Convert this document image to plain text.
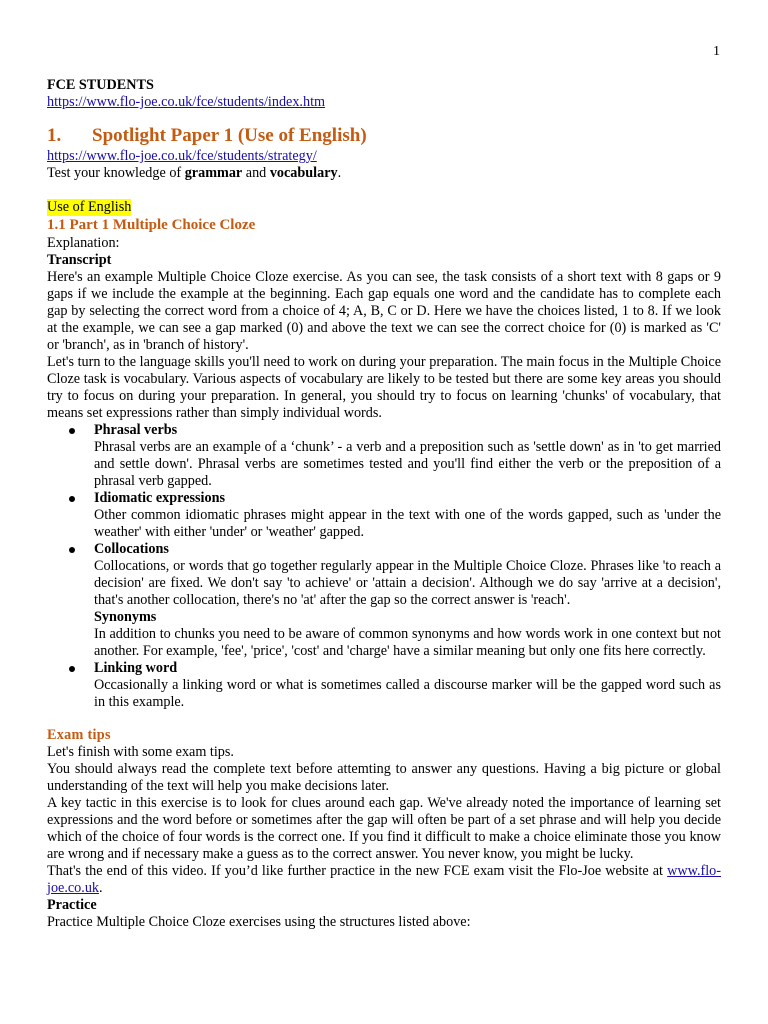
1
FCE STUDENTS
https://www.flo-joe.co.uk/fce/students/index.htm
1.	Spotlight Paper 1 (Use of English)
https://www.flo-joe.co.uk/fce/students/strategy/
Test your knowledge of grammar and vocabulary.
Use of English
1.1 Part 1 Multiple Choice Cloze
Explanation:
Transcript
Here's an example Multiple Choice Cloze exercise. As you can see, the task consists of a short text with 8 gaps or 9 gaps if we include the example at the beginning. Each gap equals one word and the candidate has to complete each gap by selecting the correct word from a choice of 4; A, B, C or D. Here we have the choices listed, 1 to 8. If we look at the example, we can see a gap marked (0) and above the text we can see the correct choice for (0) is marked as 'C' or 'branch', as in 'branch of history'.
Let's turn to the language skills you'll need to work on during your preparation. The main focus in the Multiple Choice Cloze task is vocabulary. Various aspects of vocabulary are likely to be tested but there are some key areas you should try to focus on during your preparation. In general, you should try to focus on learning 'chunks' of vocabulary, that means set expressions rather than simply individual words.
Phrasal verbs
Phrasal verbs are an example of a ‘chunk’ - a verb and a preposition such as 'settle down' as in 'to get married and settle down'. Phrasal verbs are sometimes tested and you'll find either the verb or the preposition of a phrasal verb gapped.
Idiomatic expressions
Other common idiomatic phrases might appear in the text with one of the words gapped, such as 'under the weather' with either 'under' or 'weather' gapped.
Collocations
Collocations, or words that go together regularly appear in the Multiple Choice Cloze. Phrases like 'to reach a decision' are fixed. We don't say 'to achieve' or 'attain a decision'. Although we do say 'arrive at a decision', that's another collocation, there's no 'at' after the gap so the correct answer is 'reach'.
Synonyms
In addition to chunks you need to be aware of common synonyms and how words work in one context but not another. For example, 'fee', 'price', 'cost' and 'charge' have a similar meaning but only one fits here correctly.
Linking word
Occasionally a linking word or what is sometimes called a discourse marker will be the gapped word such as in this example.
Exam tips
Let's finish with some exam tips.
You should always read the complete text before attemting to answer any questions. Having a big picture or global understanding of the text will help you make decisions later.
A key tactic in this exercise is to look for clues around each gap. We've already noted the importance of learning set expressions and the word before or sometimes after the gap will often be part of a set phrase and will help you decide which of the choice of four words is the correct one. If you find it difficult to make a choice eliminate those you know are wrong and if necessary make a guess as to the correct answer. You never know, you might be lucky.
That's the end of this video. If you’d like further practice in the new FCE exam visit the Flo-Joe website at www.flo-joe.co.uk.
Practice
Practice Multiple Choice Cloze exercises using the structures listed above:
